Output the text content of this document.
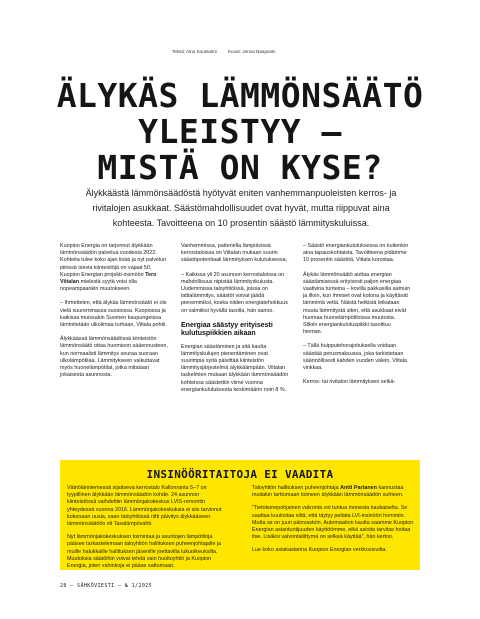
Teksti: Aino Soutsalmi Kuvat: Jenna Naapanki
ÄLYKÄS LÄMMÖNSÄÄTÖ
YLEISTYY –
MISTÄ ON KYSE?
Älykkäästä lämmönsäädöstä hyötyvät eniten vanhemmanpuoleisten kerros- ja rivitalojen asukkaat. Säästömahdollisuudet ovat hyvät, mutta riippuvat aina kohteesta. Tavoitteena on 10 prosentin säästö lämmityskuluissa.

Kuopion Energia on tarjonnut älykkään lämmönsäädön palvelua vuodesta 2022. Kohteita tulee koko ajan lisää ja nyt palvelun piirissä olevia kiinteistöjä on vajaat 50. Kuopion Energian projekti-insinööri Tero Viitalan mielestä syytä voisi olla nopeampaankin muutokseen.

– Ihmettelen, että älykäs lämmönsäätö ei ole vielä suuremmassa suosiossa. Kuopiossa ja kaikissa muissakin Suomen kaupungeissa lämmitetään ulkoilmaa turhaan, Viitala pohtii.

Älykkäässä lämmönsäädössä kiinteistön lämmönsäätö ottaa huomioon sääennusteen, kun normaalisti lämmitys seuraa suoraan ulkolämpötilaa. Lämmitykseen vaikuttavat myös huonelämpötilat, jotka mitataan jokaisesta asunnosta.

Vanhemmissa, patteriella lämpiävissä kerrostaloissa on Viitalan mukaan suurin säästöpotentiaali lämmityksen kulutuksessa.

– Kaikissa yli 20 asunnon kerrostaloissa on mahdollisuus nipistää lämmityskulusta. Uudemmissa taloyhtiöissä, joissa on lattialämmitys, säästöt voivat jäädä pienemmiksi, koska niiden energiatehokkuus on valmiiksi hyvällä tasolla, hän sanoo.

Energiaa säästyy erityisesti kulutuspiikkien aikaan

Energian säästäminen ja sitä kautta lämmityskulujen pienentäminen ovat suurimpia syitä päivittää kiinteistön lämmitysjärjestelmä älykkäämpään. Viitalan laskelmien mukaan älykkään lämmönsäädön kohteissa säästettiin viime vuonna energiankulutuksesta keskimäärin noin 8 %.

– Säästö energiankulutuksessa on kuitenkin aina tapauskohtaista. Tavoitteena pidämme 10 prosentin säästöä, Viitala korostaa.

Älykäs lämmönsäätö auttaa energian säästämisessä erityisesti paljon energiaa vaativina tunteina – kovilla pakkasilla aamuin ja illoin, kun ihmiset ovat kotona ja käyttävät lämmintä vettä. Näistä hetkistä leikataan muuta lämmitystä siten, että asukkaat eivät huomaa huonelämpötiloissa muutosta. Silloin energiankulutuspiikki tasoittuu hieman.

– Tällä huipputehorajoituksella voidaan säästää perusmaksussa, joka tarkistetaan säännöllisesti kahden vuoden välein, Viitala vinkkaa.

Kerros- tai rivitalon lämmityksen selkä-

INSINÖÖRITAITOJA EI VAADITA

Väinölänniemessä sijaitseva kerrostalo Kallonranta 5–7 on tyypillinen älykkään lämmönsäädön kohde. 24 asunnon kiinteistössä vaihdettiin lämmönjakokeskus LVIS-remontin yhteydessä vuonna 2016. Lämmönjakokeskuksia ei siis tarvinnut kokonaan uusia, vaan taloyhtiössä riitti päivitys älykkääseen lämmönsäätöön eli Tasalämpövahti.

Nyt lämmönjakokeskuksen toimintaa ja asuntojen lämpötiloja pääsee tarkastelemaan taloyhtiön hallituksen puheenjohtajalle ja muille halukkaille hallituksen jäsenille joettavilla lukuoikeuksilla. Muutoksia säätöihin voivat tehdä vain huoltoyhtiö ja Kuopion Energia, joten vahinkoja ei pääse sattumaan.

Taloyhtiön hallituksen puheenjohtaja Antti Partanen kannustaa muitakin tarttumaan toimeen älykkään lämmönsäädön suhteen.

”Tietokonepohjainen valvonta voi tuntua monesta kaukaiselta. Se saattaa kuulostaa siltä, että täytyy peitata LVI-insinööri hommiin. Mutta se on juuri päinvastoin. Automaation kautta saamme Kuopion Energian asiantuntijuuden käyttöömme, eikä asioita tarvitse hoitaa itse. Lisäksi valvontaliittymä on selkeä käyttää”, hän kertoo.

Lue koko asiakastarina Kuopion Energian verkkosivuilta.

28 — SÄHKÖVIESTI — № 1/2025
